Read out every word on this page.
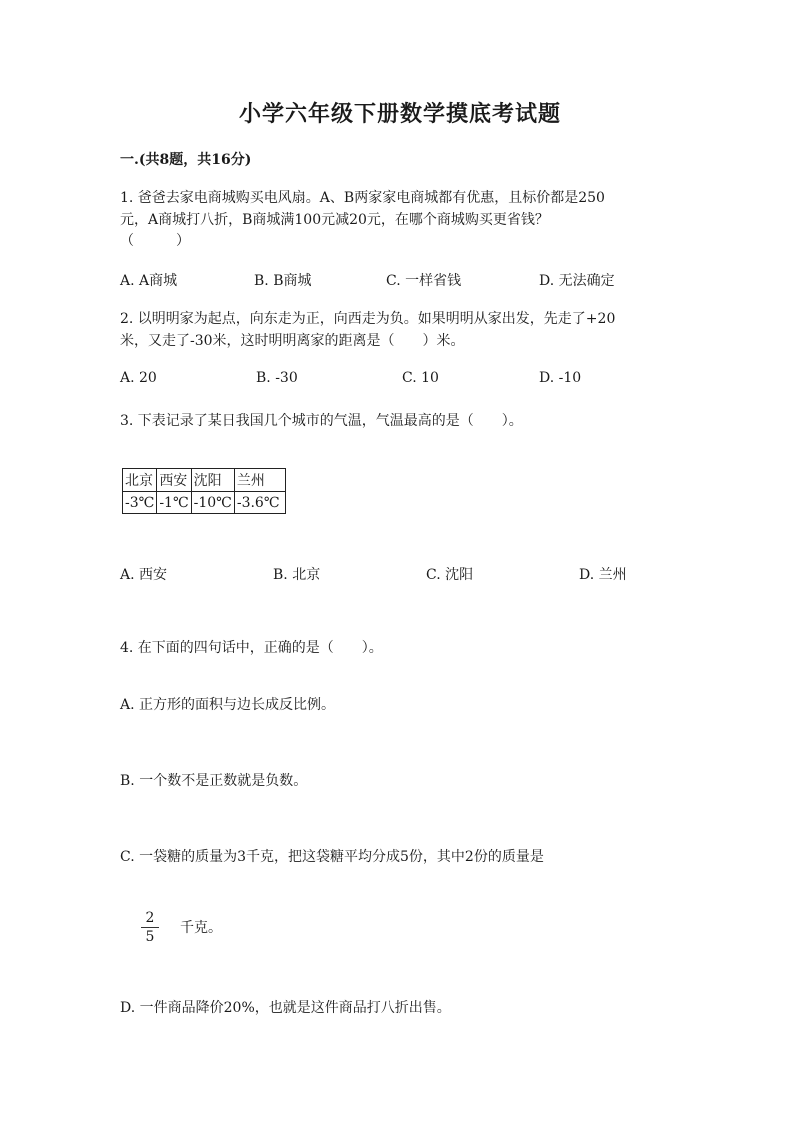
小学六年级下册数学摸底考试题
一.(共8题，共16分)
1. 爸爸去家电商城购买电风扇。A、B两家家电商城都有优惠，且标价都是250
元，A商城打八折，B商城满100元减20元，在哪个商城购买更省钱？
（　　　）
A. A商城	B. B商城	C. 一样省钱	D. 无法确定
2. 以明明家为起点，向东走为正，向西走为负。如果明明从家出发，先走了+20
米，又走了-30米，这时明明离家的距离是（　　）米。
A. 20	B. -30	C. 10	D. -10
3. 下表记录了某日我国几个城市的气温，气温最高的是（　　）。
北京	西安	沈阳	兰州
-3℃	-1℃	-10℃	-3.6℃
A. 西安	B. 北京	C. 沈阳	D. 兰州
4. 在下面的四句话中，正确的是（　　）。
A. 正方形的面积与边长成反比例。
B. 一个数不是正数就是负数。
C. 一袋糖的质量为3千克，把这袋糖平均分成5份，其中2份的质量是
2
5
千克。
D. 一件商品降价20%，也就是这件商品打八折出售。
